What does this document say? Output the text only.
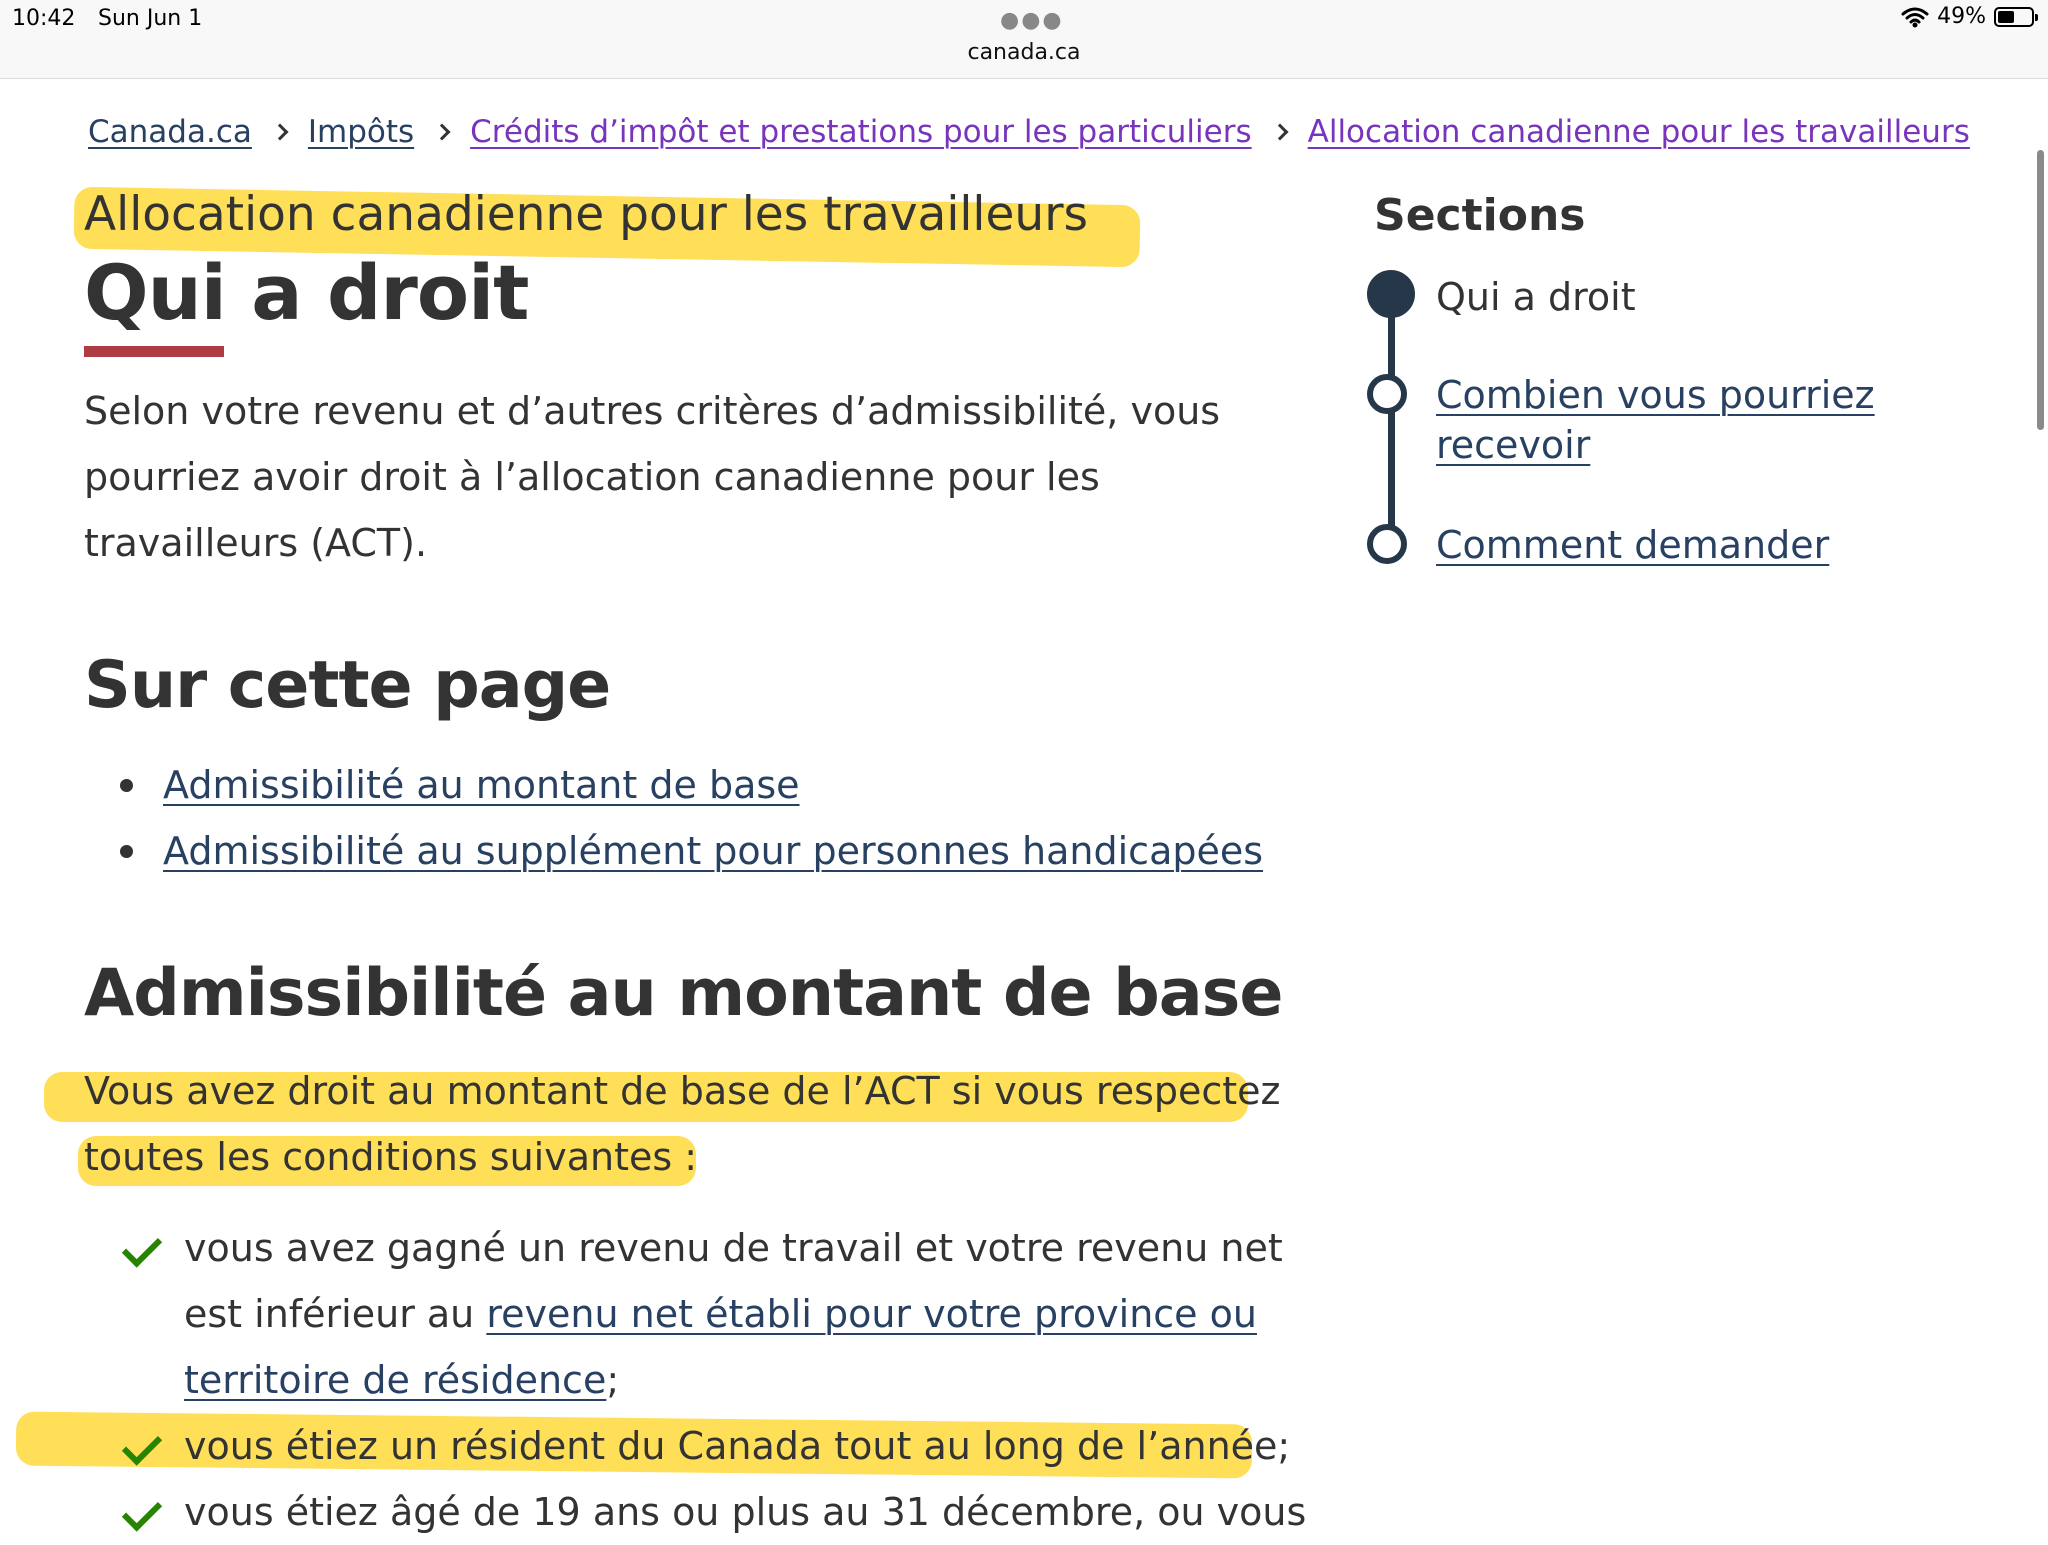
10:42 Sun Jun 1	●●●
canada.ca
49%
Canada.ca Impôts Crédits d’impôt et prestations pour les particuliers Allocation canadienne pour les travailleurs
Allocation canadienne pour les travailleurs
Qui a droit

Selon votre revenu et d’autres critères d’admissibilité, vous pourriez avoir droit à l’allocation canadienne pour les travailleurs (ACT).

Sur cette page
Admissibilité au montant de base
Admissibilité au supplément pour personnes handicapées
Admissibilité au montant de base

Vous avez droit au montant de base de l’ACT si vous respectez toutes les conditions suivantes :

vous avez gagné un revenu de travail et votre revenu net est inférieur au revenu net établi pour votre province ou territoire de résidence;
vous étiez un résident du Canada tout au long de l’année;
vous étiez âgé de 19 ans ou plus au 31 décembre, ou vous
Sections
Qui a droit
Combien vous pourriez recevoir
Comment demander
